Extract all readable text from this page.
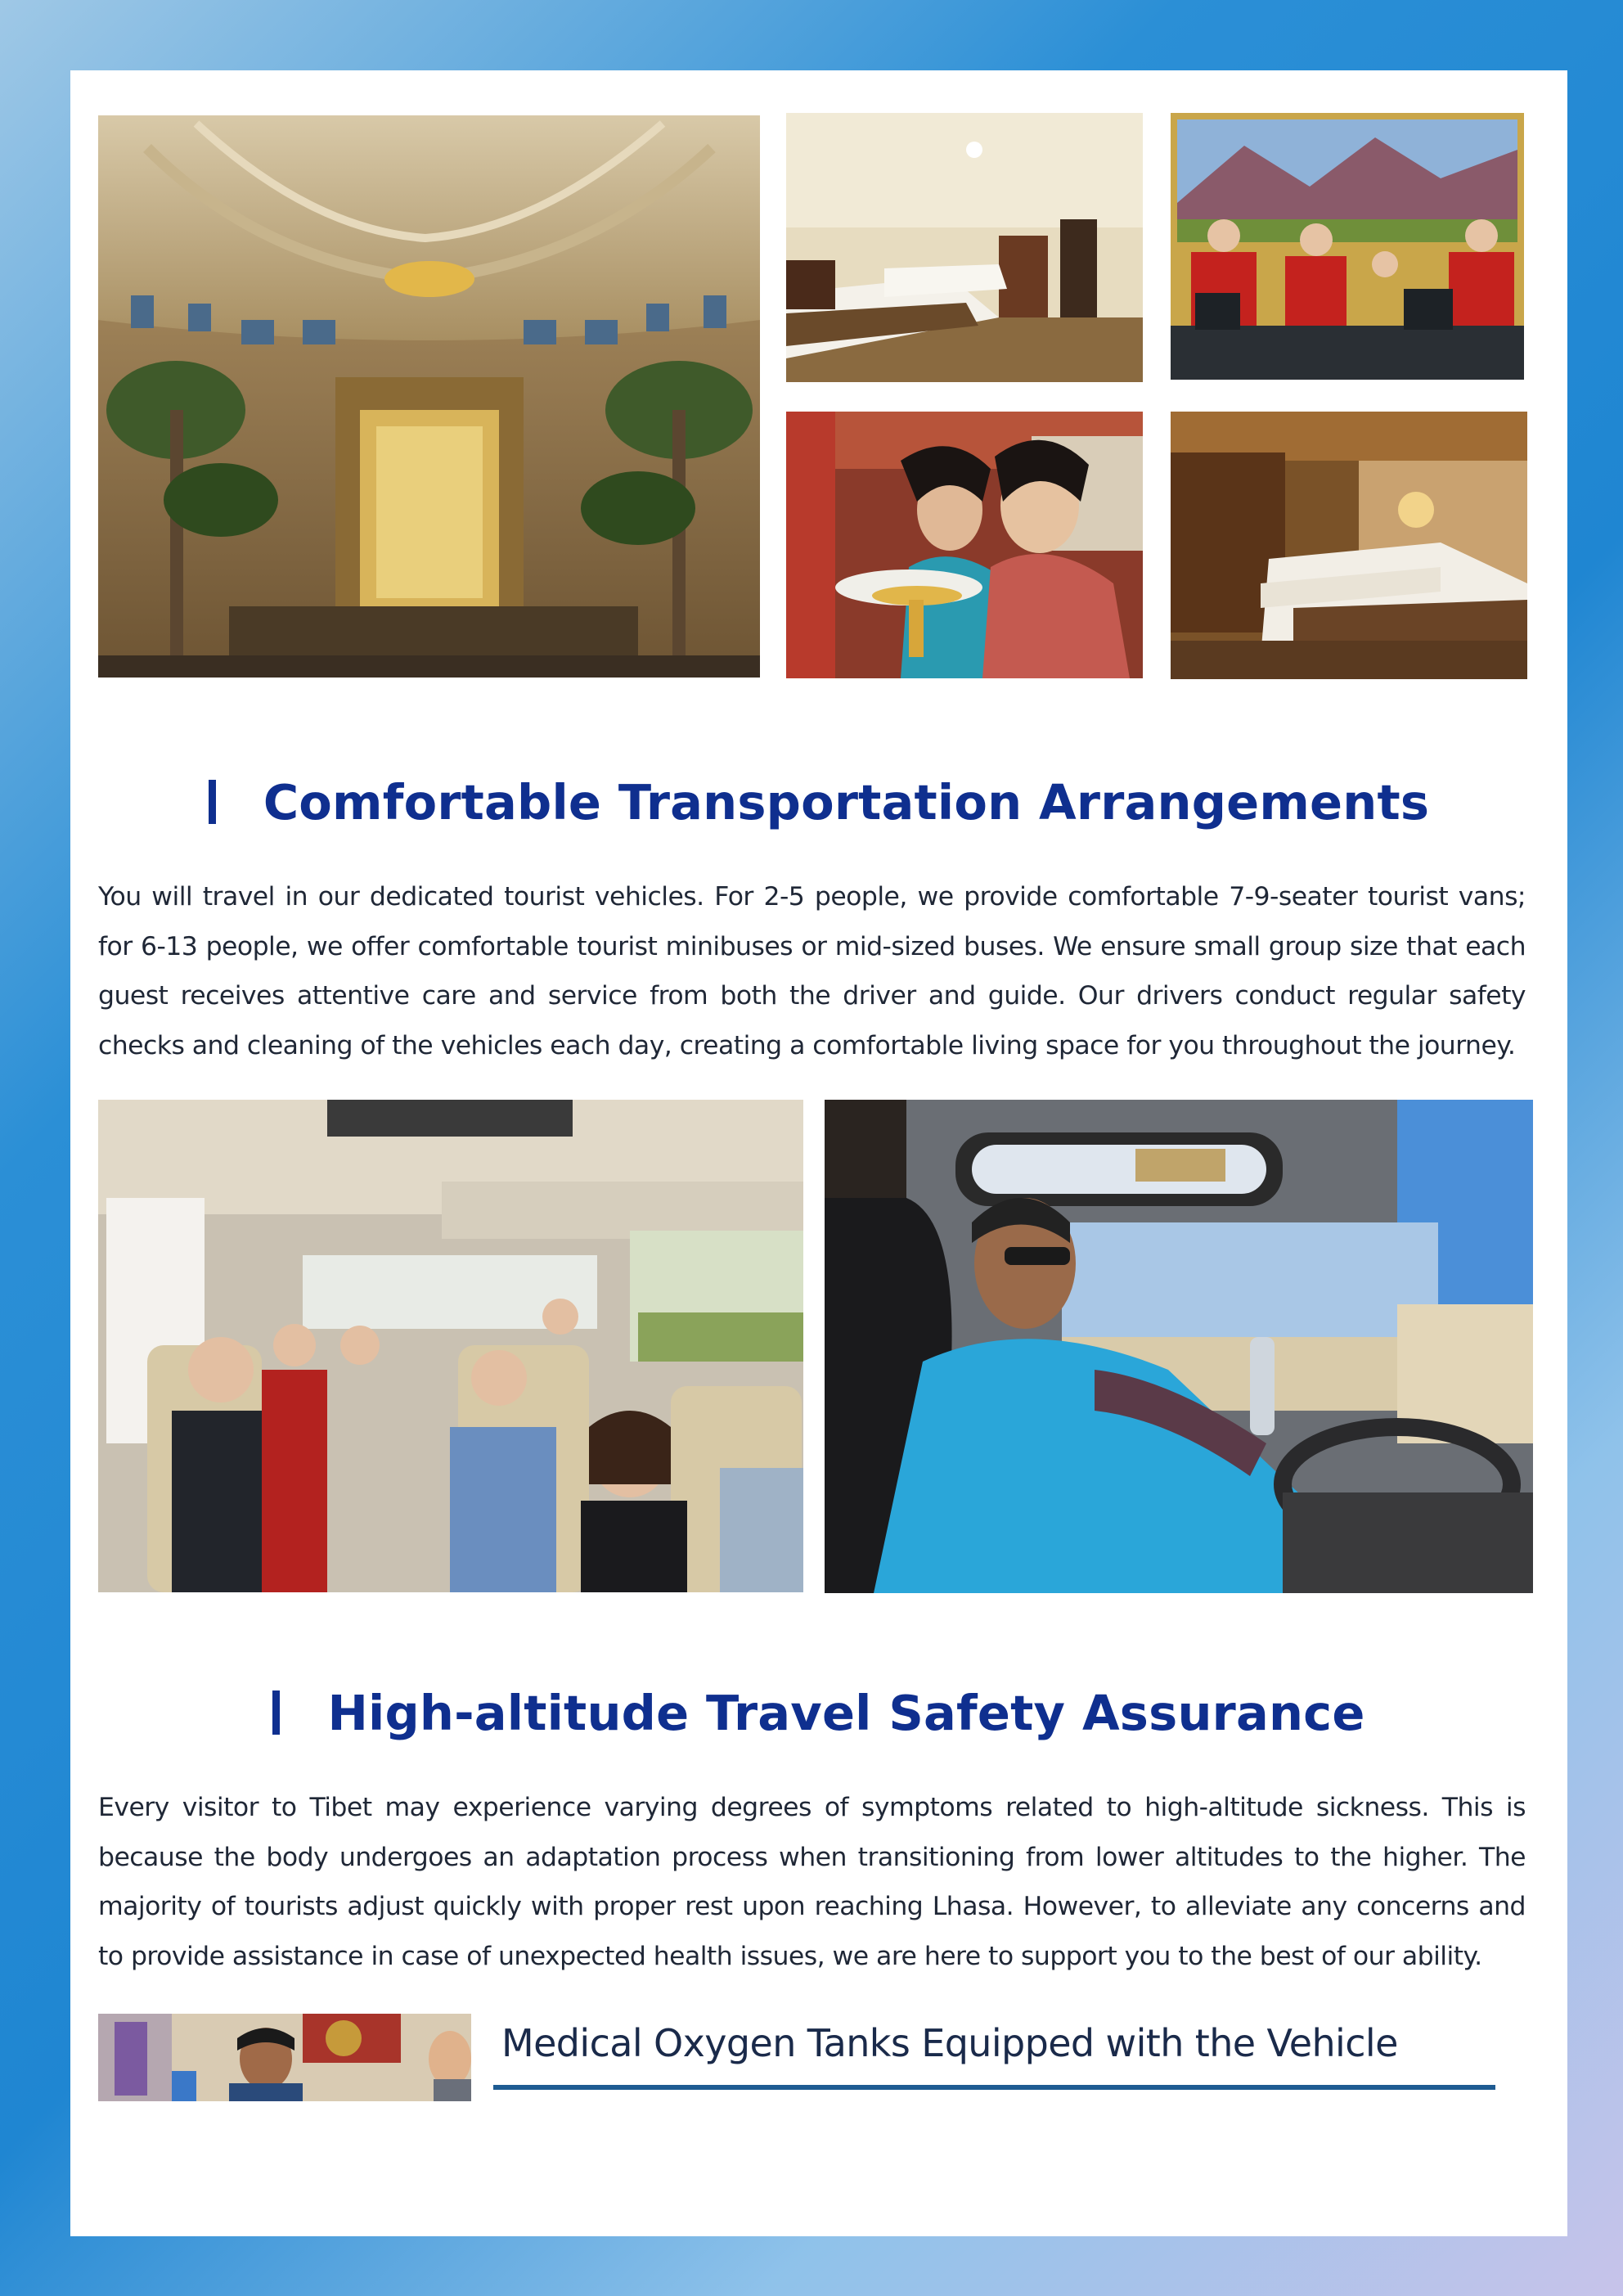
Comfortable Transportation Arrangements

You will travel in our dedicated tourist vehicles. For 2-5 people, we provide comfortable 7-9-seater tourist vans; for 6-13 people, we offer comfortable tourist minibuses or mid-sized buses. We ensure small group size that each guest receives attentive care and service from both the driver and guide. Our drivers conduct regular safety checks and cleaning of the vehicles each day, creating a comfortable living space for you throughout the journey.

High-altitude Travel Safety Assurance

Every visitor to Tibet may experience varying degrees of symptoms related to high-altitude sickness. This is because the body undergoes an adaptation process when transitioning from lower altitudes to the higher. The majority of tourists adjust quickly with proper rest upon reaching Lhasa. However, to alleviate any concerns and to provide assistance in case of unexpected health issues, we are here to support you to the best of our ability.

Medical Oxygen Tanks Equipped with the Vehicle
